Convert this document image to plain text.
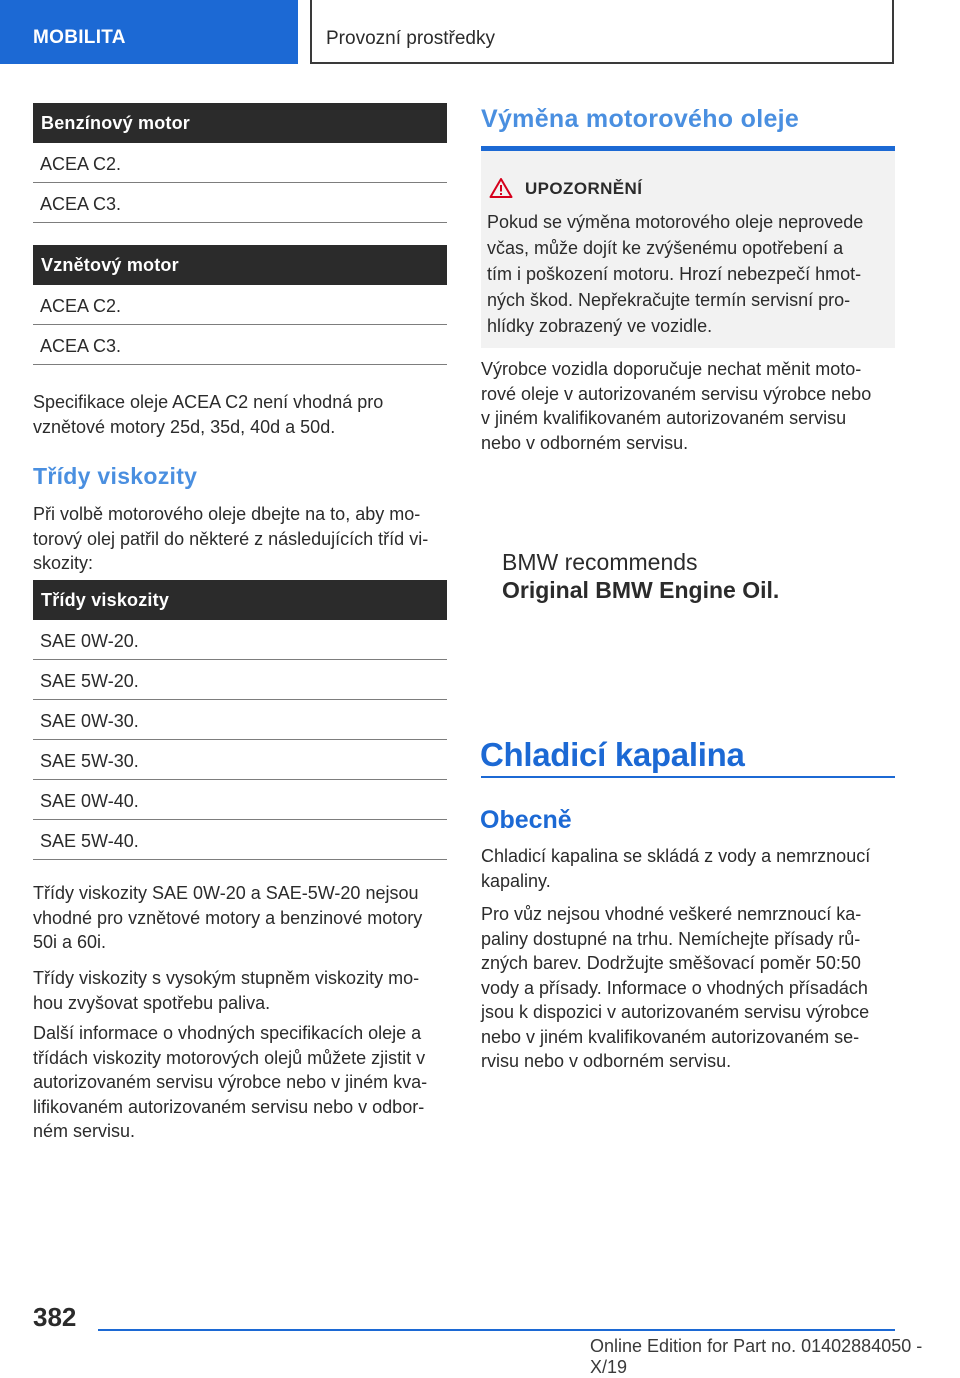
MOBILITA	Provozní prostředky
Benzínový motor
ACEA C2.
ACEA C3.
Vznětový motor
ACEA C2.
ACEA C3.
Specifikace oleje ACEA C2 není vhodná pro
vznětové motory 25d, 35d, 40d a 50d.
Třídy viskozity
Při volbě motorového oleje dbejte na to, aby mo-
torový olej patřil do některé z následujících tříd vi-
skozity:
Třídy viskozity
SAE 0W-20.
SAE 5W-20.
SAE 0W-30.
SAE 5W-30.
SAE 0W-40.
SAE 5W-40.
Třídy viskozity SAE 0W-20 a SAE-5W-20 nejsou
vhodné pro vznětové motory a benzinové motory
50i a 60i.
Třídy viskozity s vysokým stupněm viskozity mo-
hou zvyšovat spotřebu paliva.
Další informace o vhodných specifikacích oleje a
třídách viskozity motorových olejů můžete zjistit v
autorizovaném servisu výrobce nebo v jiném kva-
lifikovaném autorizovaném servisu nebo v odbor-
ném servisu.
Výměna motorového oleje
UPOZORNĚNÍ
Pokud se výměna motorového oleje neprovede
včas, může dojít ke zvýšenému opotřebení a
tím i poškození motoru. Hrozí nebezpečí hmot-
ných škod. Nepřekračujte termín servisní pro-
hlídky zobrazený ve vozidle.
Výrobce vozidla doporučuje nechat měnit moto-
rové oleje v autorizovaném servisu výrobce nebo
v jiném kvalifikovaném autorizovaném servisu
nebo v odborném servisu.
BMW recommends
Original BMW Engine Oil.
Chladicí kapalina
Obecně
Chladicí kapalina se skládá z vody a nemrznoucí
kapaliny.
Pro vůz nejsou vhodné veškeré nemrznoucí ka-
paliny dostupné na trhu. Nemíchejte přísady rů-
zných barev. Dodržujte směšovací poměr 50:50
vody a přísady. Informace o vhodných přísadách
jsou k dispozici v autorizovaném servisu výrobce
nebo v jiném kvalifikovaném autorizovaném se-
rvisu nebo v odborném servisu.
382
Online Edition for Part no. 01402884050 - X/19
